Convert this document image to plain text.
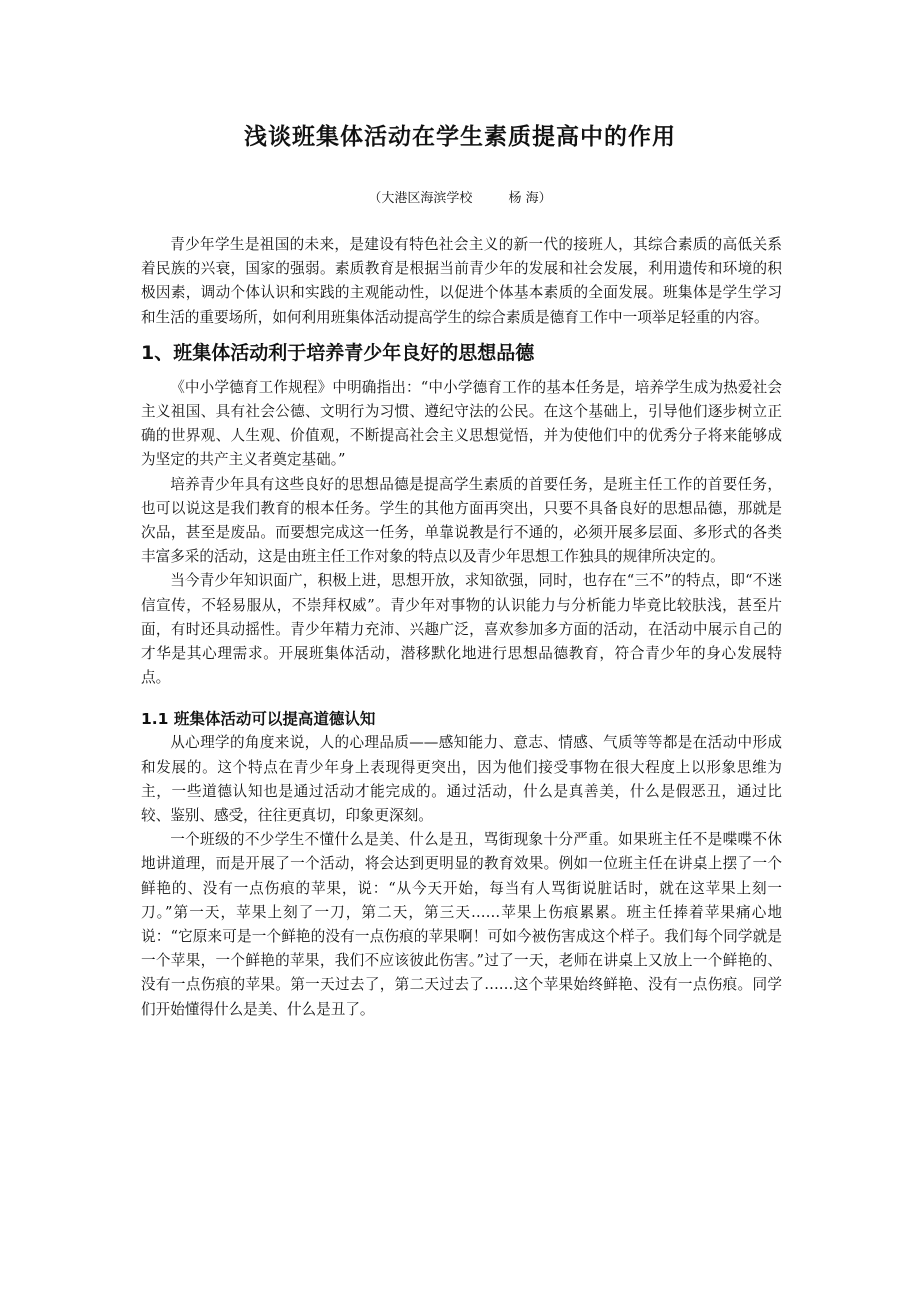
浅谈班集体活动在学生素质提高中的作用
（大港区海滨学校	杨 海）

青少年学生是祖国的未来，是建设有特色社会主义的新一代的接班人，其综合素质的高低关系着民族的兴衰，国家的强弱。素质教育是根据当前青少年的发展和社会发展，利用遗传和环境的积极因素，调动个体认识和实践的主观能动性，以促进个体基本素质的全面发展。班集体是学生学习和生活的重要场所，如何利用班集体活动提高学生的综合素质是德育工作中一项举足轻重的内容。

1、班集体活动利于培养青少年良好的思想品德

《中小学德育工作规程》中明确指出：“中小学德育工作的基本任务是，培养学生成为热爱社会主义祖国、具有社会公德、文明行为习惯、遵纪守法的公民。在这个基础上，引导他们逐步树立正确的世界观、人生观、价值观，不断提高社会主义思想觉悟，并为使他们中的优秀分子将来能够成为坚定的共产主义者奠定基础。”

培养青少年具有这些良好的思想品德是提高学生素质的首要任务，是班主任工作的首要任务，也可以说这是我们教育的根本任务。学生的其他方面再突出，只要不具备良好的思想品德，那就是次品，甚至是废品。而要想完成这一任务，单靠说教是行不通的，必须开展多层面、多形式的各类丰富多采的活动，这是由班主任工作对象的特点以及青少年思想工作独具的规律所决定的。

当今青少年知识面广，积极上进，思想开放，求知欲强，同时，也存在“三不”的特点，即“不迷信宣传，不轻易服从，不崇拜权威”。青少年对事物的认识能力与分析能力毕竟比较肤浅，甚至片面，有时还具动摇性。青少年精力充沛、兴趣广泛，喜欢参加多方面的活动，在活动中展示自己的才华是其心理需求。开展班集体活动，潜移默化地进行思想品德教育，符合青少年的身心发展特点。

1.1 班集体活动可以提高道德认知

从心理学的角度来说，人的心理品质——感知能力、意志、情感、气质等等都是在活动中形成和发展的。这个特点在青少年身上表现得更突出，因为他们接受事物在很大程度上以形象思维为主，一些道德认知也是通过活动才能完成的。通过活动，什么是真善美，什么是假恶丑，通过比较、鉴别、感受，往往更真切，印象更深刻。

一个班级的不少学生不懂什么是美、什么是丑，骂街现象十分严重。如果班主任不是喋喋不休地讲道理，而是开展了一个活动，将会达到更明显的教育效果。例如一位班主任在讲桌上摆了一个鲜艳的、没有一点伤痕的苹果，说：“从今天开始，每当有人骂街说脏话时，就在这苹果上刻一刀。”第一天，苹果上刻了一刀，第二天，第三天……苹果上伤痕累累。班主任捧着苹果痛心地说：“它原来可是一个鲜艳的没有一点伤痕的苹果啊！可如今被伤害成这个样子。我们每个同学就是一个苹果，一个鲜艳的苹果，我们不应该彼此伤害。”过了一天，老师在讲桌上又放上一个鲜艳的、没有一点伤痕的苹果。第一天过去了，第二天过去了……这个苹果始终鲜艳、没有一点伤痕。同学们开始懂得什么是美、什么是丑了。
